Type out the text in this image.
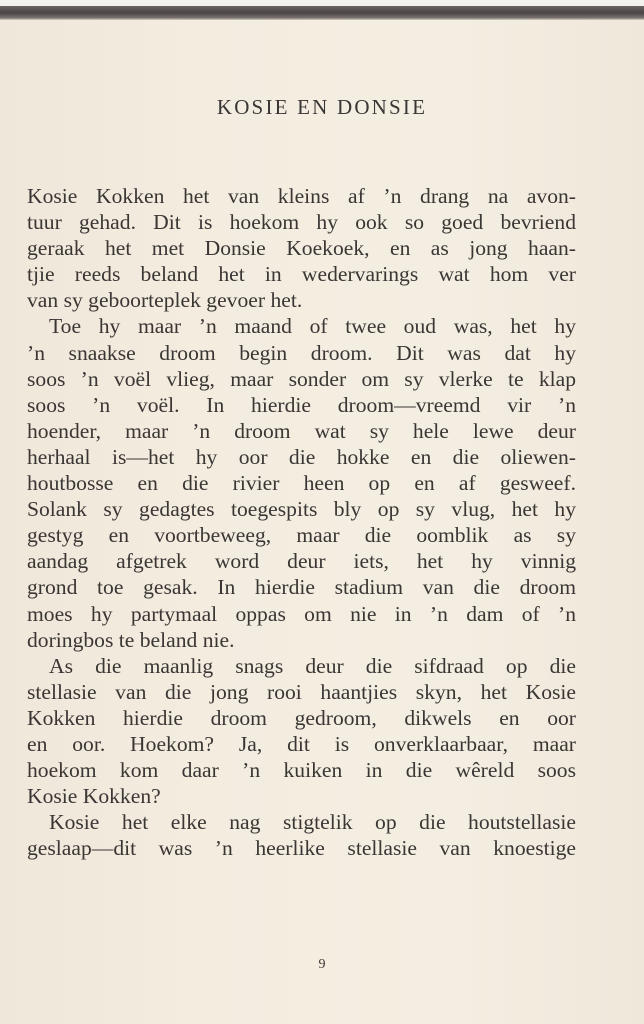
KOSIE EN DONSIE
Kosie Kokken het van kleins af ’n drang na avon-
tuur gehad. Dit is hoekom hy ook so goed bevriend
geraak het met Donsie Koekoek, en as jong haan-
tjie reeds beland het in wedervarings wat hom ver
van sy geboorteplek gevoer het.
Toe hy maar ’n maand of twee oud was, het hy
’n snaakse droom begin droom. Dit was dat hy
soos ’n voël vlieg, maar sonder om sy vlerke te klap
soos ’n voël. In hierdie droom—vreemd vir ’n
hoender, maar ’n droom wat sy hele lewe deur
herhaal is—het hy oor die hokke en die oliewen-
houtbosse en die rivier heen op en af gesweef.
Solank sy gedagtes toegespits bly op sy vlug, het hy
gestyg en voortbeweeg, maar die oomblik as sy
aandag afgetrek word deur iets, het hy vinnig
grond toe gesak. In hierdie stadium van die droom
moes hy partymaal oppas om nie in ’n dam of ’n
doringbos te beland nie.
As die maanlig snags deur die sifdraad op die
stellasie van die jong rooi haantjies skyn, het Kosie
Kokken hierdie droom gedroom, dikwels en oor
en oor. Hoekom? Ja, dit is onverklaarbaar, maar
hoekom kom daar ’n kuiken in die wêreld soos
Kosie Kokken?
Kosie het elke nag stigtelik op die houtstellasie
geslaap—dit was ’n heerlike stellasie van knoestige
9
